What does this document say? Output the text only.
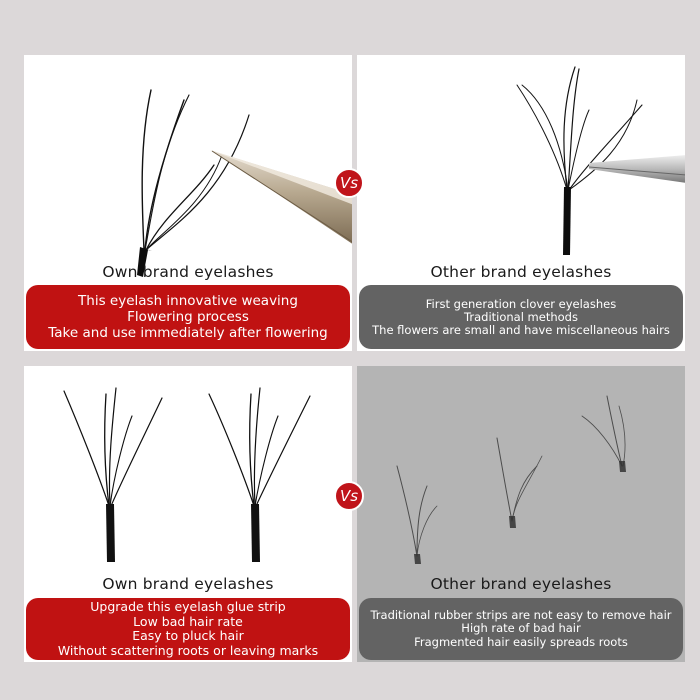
Own brand eyelashes
This eyelash innovative weaving
Flowering process
Take and use immediately after flowering
Other brand eyelashes
First generation clover eyelashes
Traditional methods
The flowers are small and have miscellaneous hairs
Vs
Own brand eyelashes
Upgrade this eyelash glue strip
Low bad hair rate
Easy to pluck hair
Without scattering roots or leaving marks
Other brand eyelashes
Traditional rubber strips are not easy to remove hair
High rate of bad hair
Fragmented hair easily spreads roots
Vs
